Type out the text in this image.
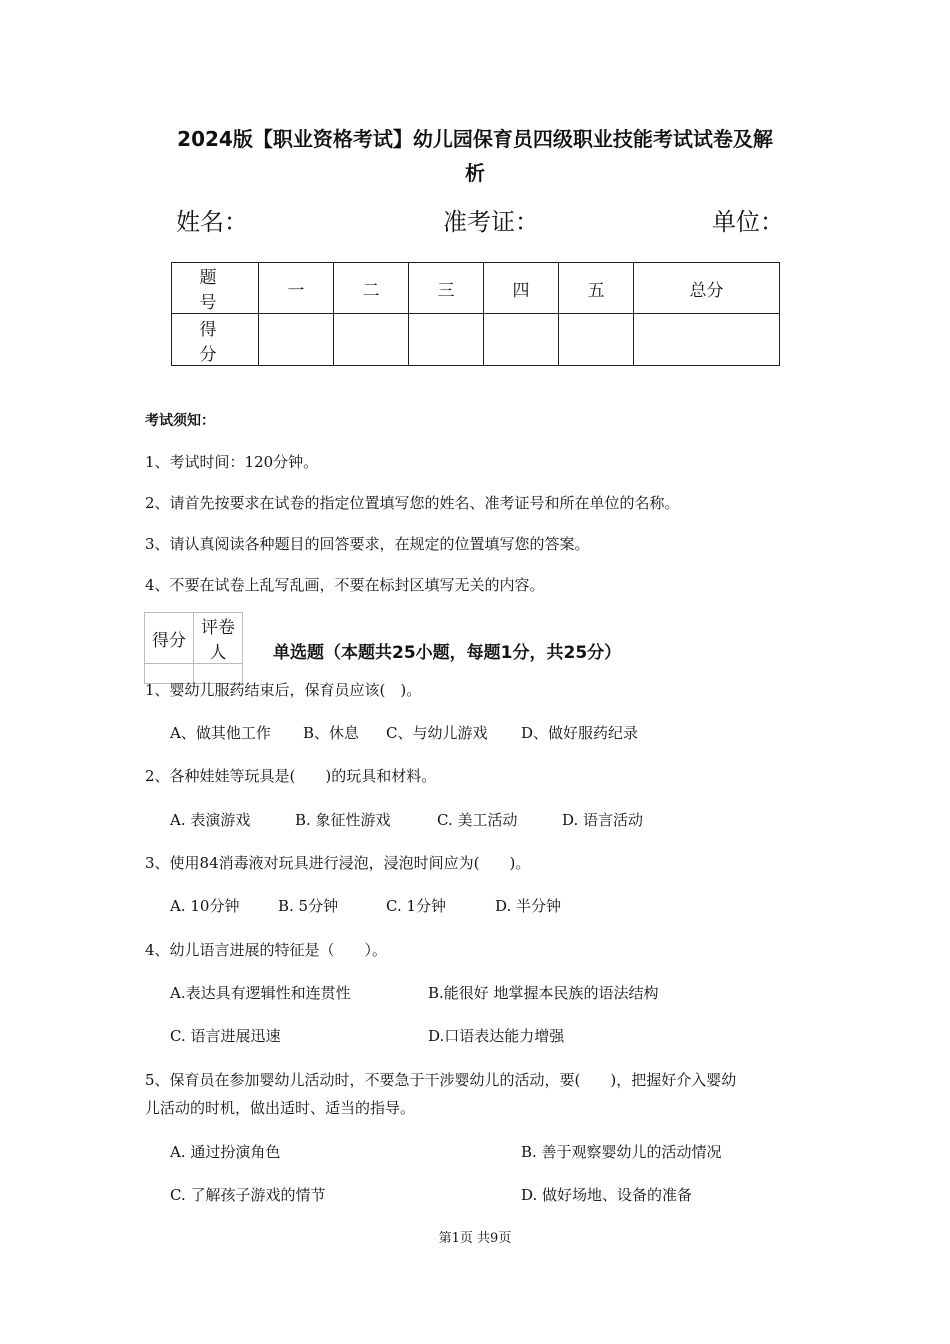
2024版【职业资格考试】幼儿园保育员四级职业技能考试试卷及解
析
姓名：	准考证：	单位：
题　号	一	二	三	四	五	总分
得　分						
考试须知：
1、考试时间：120分钟。
2、请首先按要求在试卷的指定位置填写您的姓名、准考证号和所在单位的名称。
3、请认真阅读各种题目的回答要求，在规定的位置填写您的答案。
4、不要在试卷上乱写乱画，不要在标封区填写无关的内容。
得分	评卷人
		单选题（本题共25小题，每题1分，共25分）
1、婴幼儿服药结束后，保育员应该(　)。
A、做其他工作 B、休息 C、与幼儿游戏 D、做好服药纪录
2、各种娃娃等玩具是(　　)的玩具和材料。
A. 表演游戏	B. 象征性游戏	C. 美工活动	D. 语言活动
3、使用84消毒液对玩具进行浸泡，浸泡时间应为(　　)。
A. 10分钟	B. 5分钟	C. 1分钟	D. 半分钟
4、幼儿语言进展的特征是（　　）。
A.表达具有逻辑性和连贯性	B.能很好 地掌握本民族的语法结构
C. 语言进展迅速	D.口语表达能力增强
5、保育员在参加婴幼儿活动时，不要急于干涉婴幼儿的活动，要(　　)，把握好介入婴幼
儿活动的时机，做出适时、适当的指导。
A. 通过扮演角色	B. 善于观察婴幼儿的活动情况
C. 了解孩子游戏的情节	D. 做好场地、设备的准备
第1页 共9页
